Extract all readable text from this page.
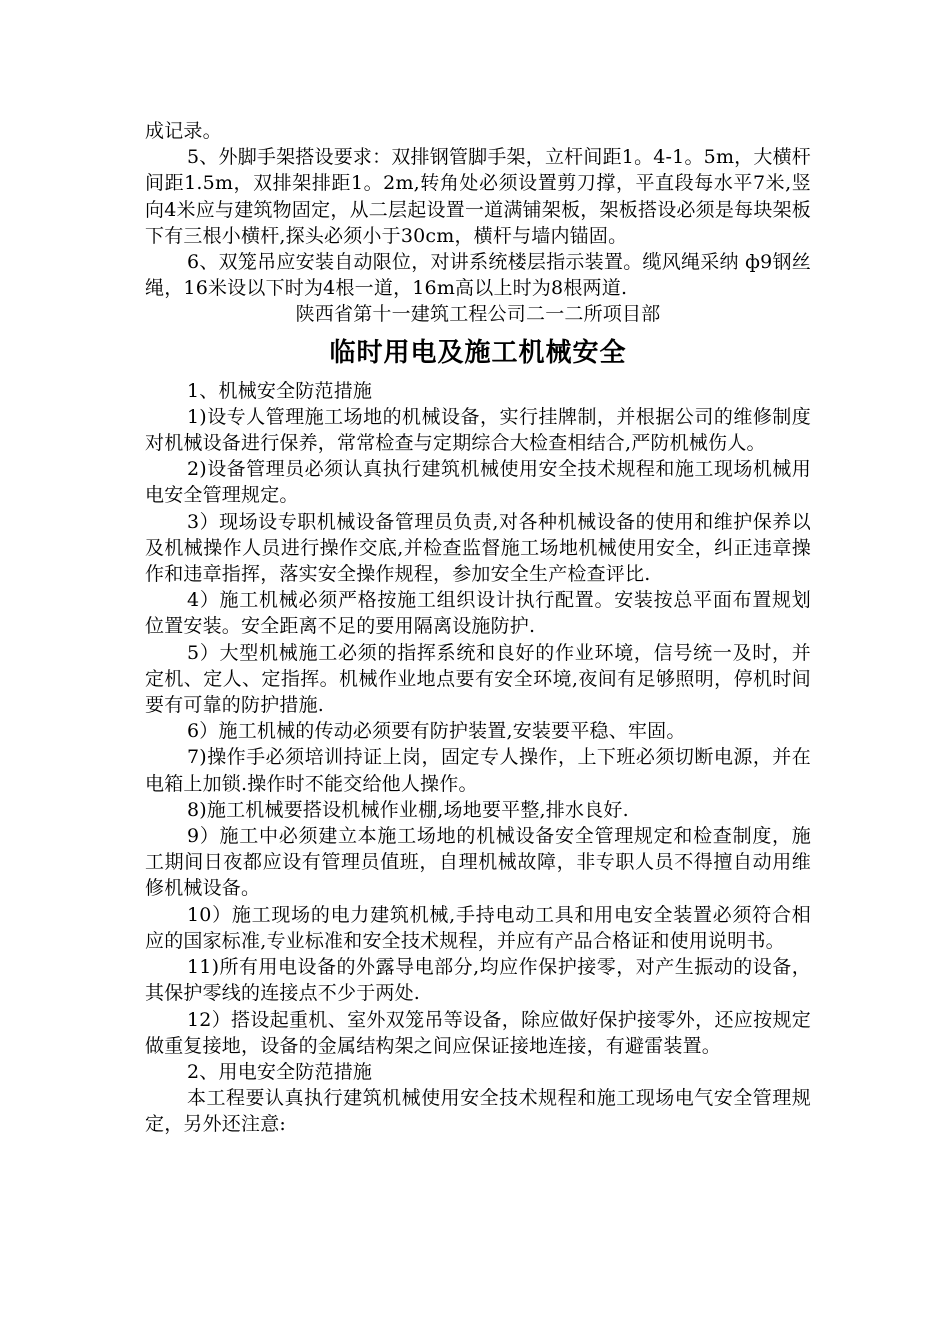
成记录。

5、外脚手架搭设要求：双排钢管脚手架，立杆间距1。4-1。5m，大横杆间距1.5m，双排架排距1。2m,转角处必须设置剪刀撑，平直段每水平7米,竖向4米应与建筑物固定，从二层起设置一道满铺架板，架板搭设必须是每块架板下有三根小横杆,探头必须小于30cm，横杆与墙内锚固。

6、双笼吊应安装自动限位，对讲系统楼层指示装置。缆风绳采纳 ф9钢丝绳，16米设以下时为4根一道，16m高以上时为8根两道.

陕西省第十一建筑工程公司二一二所项目部

临时用电及施工机械安全

1、机械安全防范措施

1)设专人管理施工场地的机械设备，实行挂牌制，并根据公司的维修制度对机械设备进行保养，常常检查与定期综合大检查相结合,严防机械伤人。

2)设备管理员必须认真执行建筑机械使用安全技术规程和施工现场机械用电安全管理规定。

3）现场设专职机械设备管理员负责,对各种机械设备的使用和维护保养以及机械操作人员进行操作交底,并检查监督施工场地机械使用安全，纠正违章操作和违章指挥，落实安全操作规程，参加安全生产检查评比.

4）施工机械必须严格按施工组织设计执行配置。安装按总平面布置规划位置安装。安全距离不足的要用隔离设施防护.

5）大型机械施工必须的指挥系统和良好的作业环境，信号统一及时，并定机、定人、定指挥。机械作业地点要有安全环境,夜间有足够照明，停机时间要有可靠的防护措施.

6）施工机械的传动必须要有防护装置,安装要平稳、牢固。

7)操作手必须培训持证上岗，固定专人操作，上下班必须切断电源，并在电箱上加锁.操作时不能交给他人操作。

8)施工机械要搭设机械作业棚,场地要平整,排水良好.

9）施工中必须建立本施工场地的机械设备安全管理规定和检查制度，施工期间日夜都应设有管理员值班，自理机械故障，非专职人员不得擅自动用维修机械设备。

10）施工现场的电力建筑机械,手持电动工具和用电安全装置必须符合相应的国家标准,专业标准和安全技术规程，并应有产品合格证和使用说明书。

11)所有用电设备的外露导电部分,均应作保护接零，对产生振动的设备，其保护零线的连接点不少于两处.

12）搭设起重机、室外双笼吊等设备，除应做好保护接零外，还应按规定做重复接地，设备的金属结构架之间应保证接地连接，有避雷装置。

2、用电安全防范措施

本工程要认真执行建筑机械使用安全技术规程和施工现场电气安全管理规定，另外还注意:
